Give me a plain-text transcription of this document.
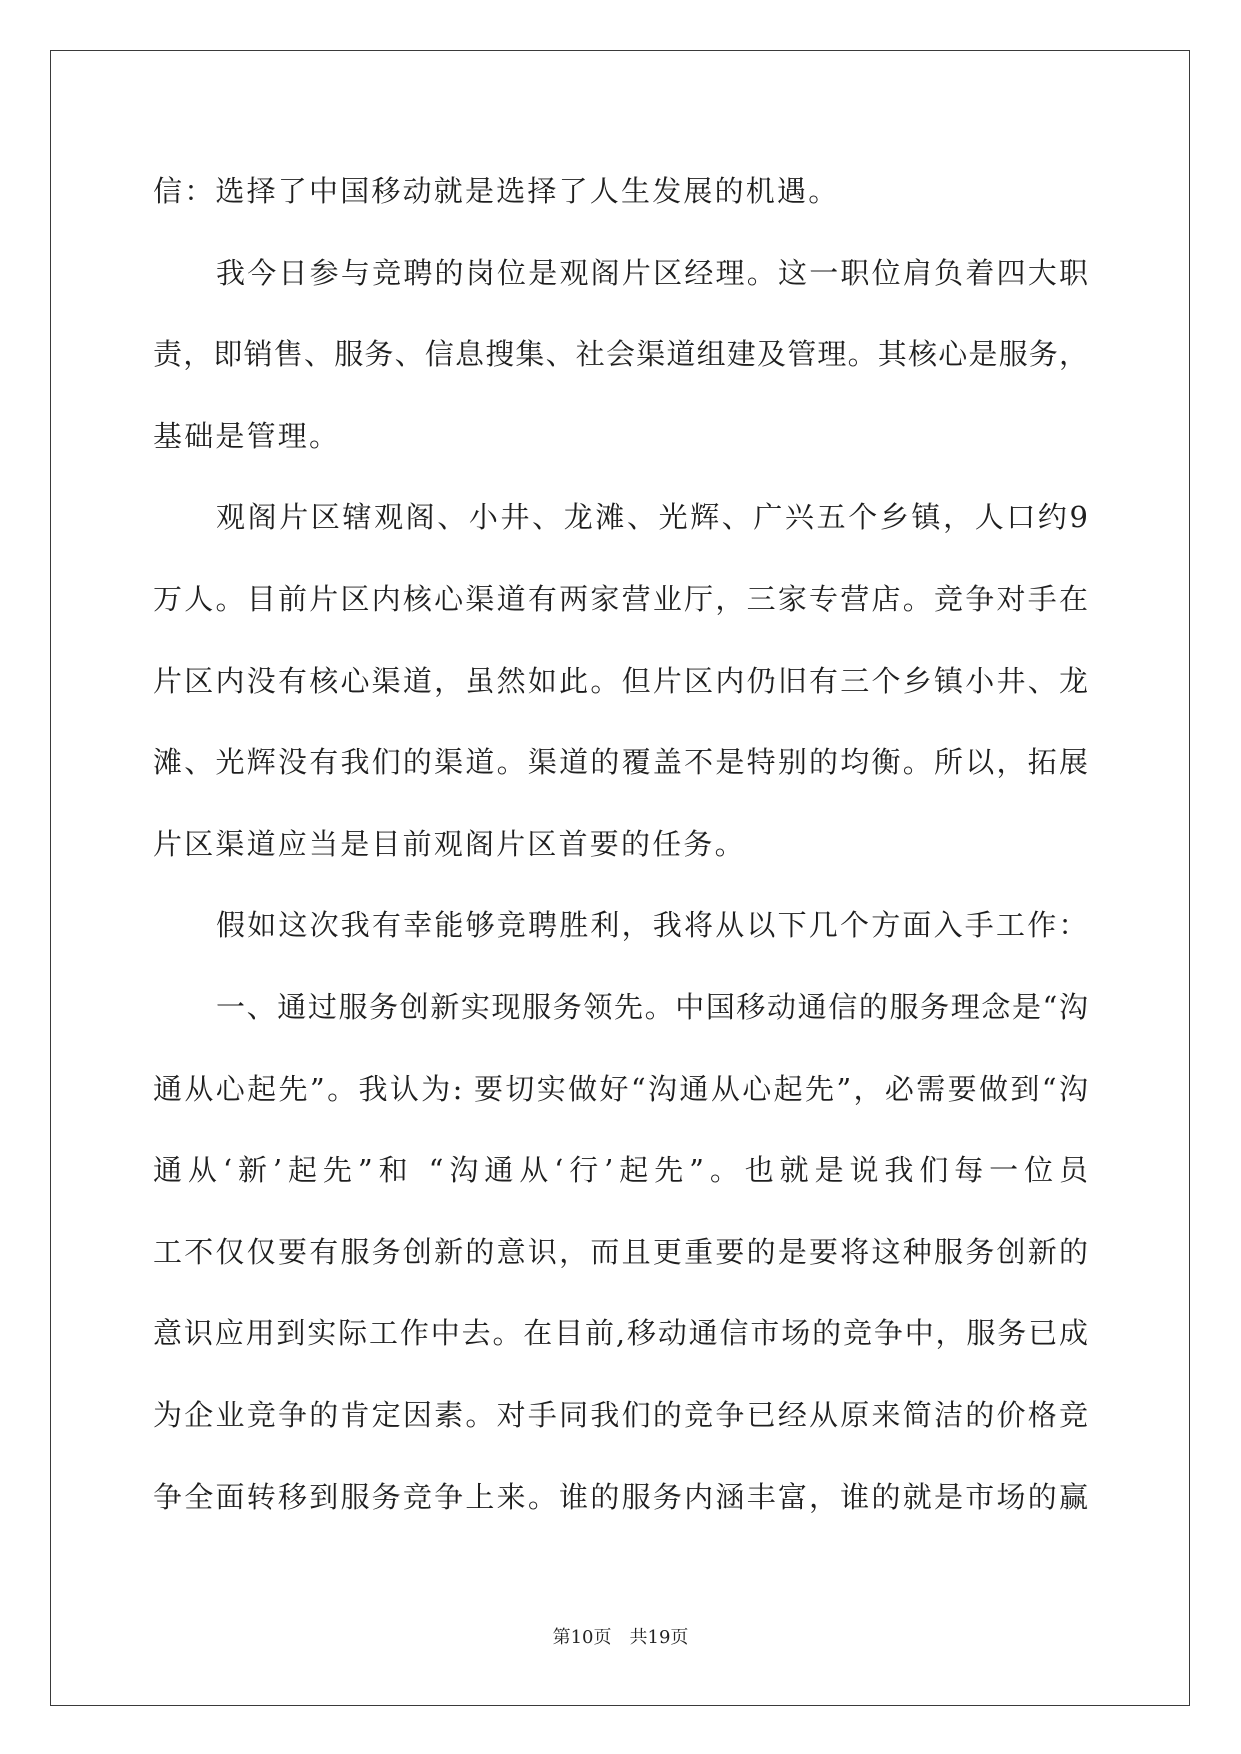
信：选择了中国移动就是选择了人生发展的机遇。
我今日参与竞聘的岗位是观阁片区经理。这一职位肩负着四大职
责，即销售、服务、信息搜集、社会渠道组建及管理。其核心是服务，
基础是管理。
观阁片区辖观阁、小井、龙滩、光辉、广兴五个乡镇，人口约9
万人。目前片区内核心渠道有两家营业厅，三家专营店。竞争对手在
片区内没有核心渠道，虽然如此。但片区内仍旧有三个乡镇小井、龙
滩、光辉没有我们的渠道。渠道的覆盖不是特别的均衡。所以，拓展
片区渠道应当是目前观阁片区首要的任务。
假如这次我有幸能够竞聘胜利，我将从以下几个方面入手工作：
一、通过服务创新实现服务领先。中国移动通信的服务理念是“沟
通从心起先”。我认为: 要切实做好“沟通从心起先”，必需要做到“沟
通从‘新’起先”和 “沟通从‘行’起先”。也就是说我们每一位员
工不仅仅要有服务创新的意识，而且更重要的是要将这种服务创新的
意识应用到实际工作中去。在目前,移动通信市场的竞争中，服务已成
为企业竞争的肯定因素。对手同我们的竞争已经从原来简洁的价格竞
争全面转移到服务竞争上来。谁的服务内涵丰富，谁的就是市场的赢
第10页 共19页
